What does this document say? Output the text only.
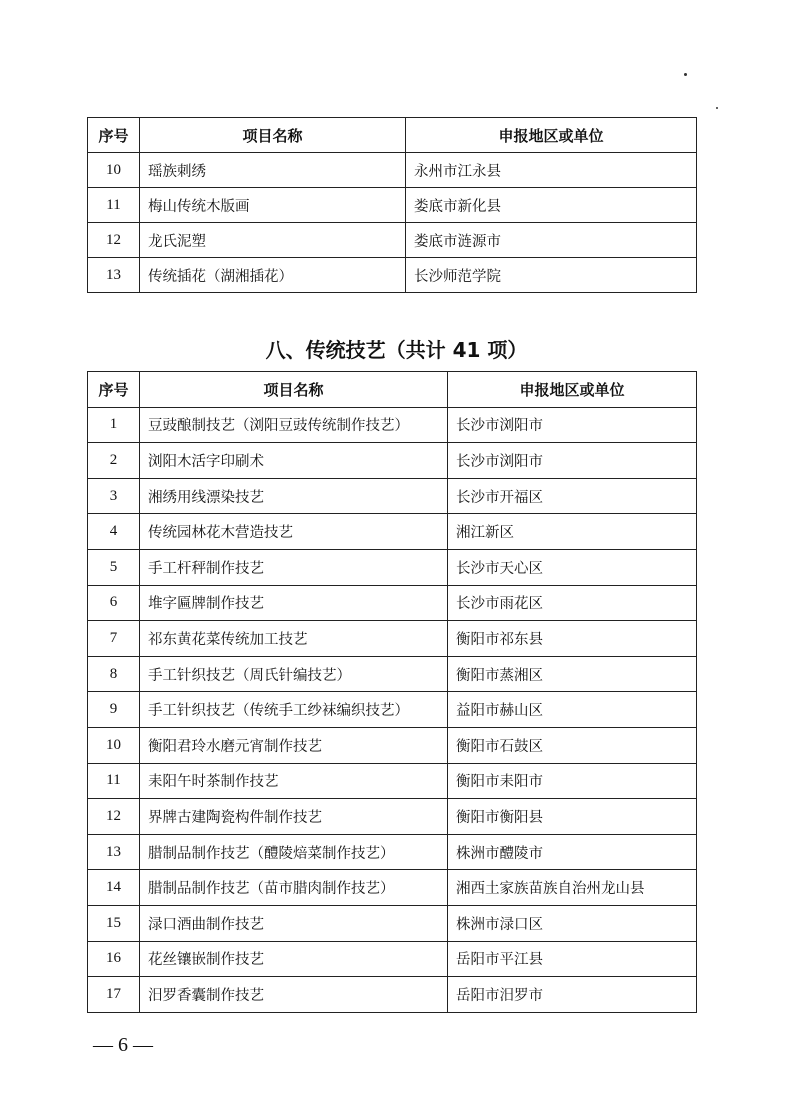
序号	项目名称	申报地区或单位
10	瑶族刺绣	永州市江永县
11	梅山传统木版画	娄底市新化县
12	龙氏泥塑	娄底市涟源市
13	传统插花（湖湘插花）	长沙师范学院
八、传统技艺（共计 41 项）
序号	项目名称	申报地区或单位
1	豆豉酿制技艺（浏阳豆豉传统制作技艺）	长沙市浏阳市
2	浏阳木活字印刷术	长沙市浏阳市
3	湘绣用线漂染技艺	长沙市开福区
4	传统园林花木营造技艺	湘江新区
5	手工杆秤制作技艺	长沙市天心区
6	堆字匾牌制作技艺	长沙市雨花区
7	祁东黄花菜传统加工技艺	衡阳市祁东县
8	手工针织技艺（周氏针编技艺）	衡阳市蒸湘区
9	手工针织技艺（传统手工纱袜编织技艺）	益阳市赫山区
10	衡阳君玲水磨元宵制作技艺	衡阳市石鼓区
11	耒阳午时茶制作技艺	衡阳市耒阳市
12	界牌古建陶瓷构件制作技艺	衡阳市衡阳县
13	腊制品制作技艺（醴陵焙菜制作技艺）	株洲市醴陵市
14	腊制品制作技艺（苗市腊肉制作技艺）	湘西土家族苗族自治州龙山县
15	渌口酒曲制作技艺	株洲市渌口区
16	花丝镶嵌制作技艺	岳阳市平江县
17	汨罗香囊制作技艺	岳阳市汨罗市
— 6 —
